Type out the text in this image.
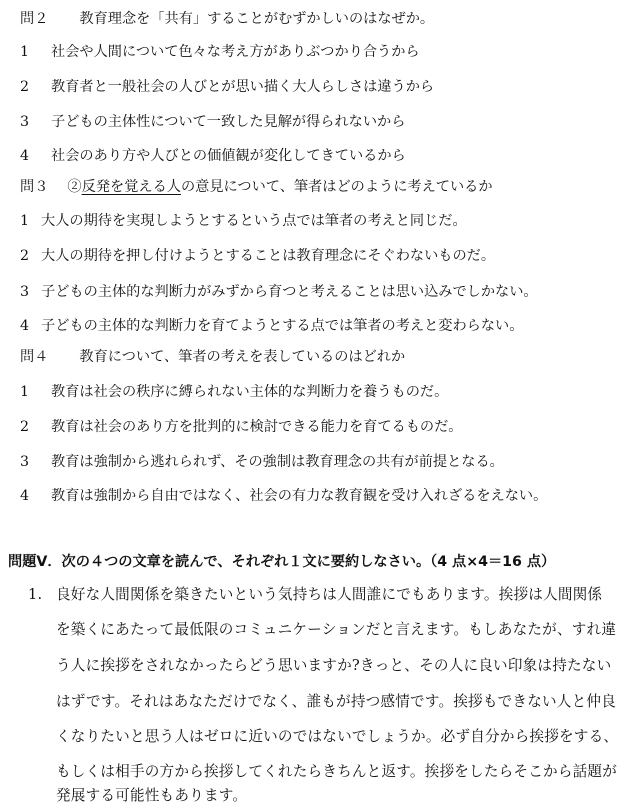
問２ 教育理念を「共有」することがむずかしいのはなぜか。
1 社会や人間について色々な考え方がありぶつかり合うから
2 教育者と一般社会の人びとが思い描く大人らしさは違うから
3 子どもの主体性について一致した見解が得られないから
4 社会のあり方や人びとの価値観が変化してきているから
問３ ②反発を覚える人の意見について、筆者はどのように考えているか
1 大人の期待を実現しようとするという点では筆者の考えと同じだ。
2 大人の期待を押し付けようとすることは教育理念にそぐわないものだ。
3 子どもの主体的な判断力がみずから育つと考えることは思い込みでしかない。
4 子どもの主体的な判断力を育てようとする点では筆者の考えと変わらない。
問４ 教育について、筆者の考えを表しているのはどれか
1 教育は社会の秩序に縛られない主体的な判断力を養うものだ。
2 教育は社会のあり方を批判的に検討できる能力を育てるものだ。
3 教育は強制から逃れられず、その強制は教育理念の共有が前提となる。
4 教育は強制から自由ではなく、社会の有力な教育観を受け入れざるをえない。
問題Ⅴ．次の４つの文章を読んで、それぞれ１文に要約しなさい。（4 点×4＝16 点）
1. 良好な人間関係を築きたいという気持ちは人間誰にでもあります。挨拶は人間関係
を築くにあたって最低限のコミュニケーションだと言えます。もしあなたが、すれ違
う人に挨拶をされなかったらどう思いますか?きっと、その人に良い印象は持たない
はずです。それはあなただけでなく、誰もが持つ感情です。挨拶もできない人と仲良
くなりたいと思う人はゼロに近いのではないでしょうか。必ず自分から挨拶をする、
もしくは相手の方から挨拶してくれたらきちんと返す。挨拶をしたらそこから話題が
発展する可能性もあります。
